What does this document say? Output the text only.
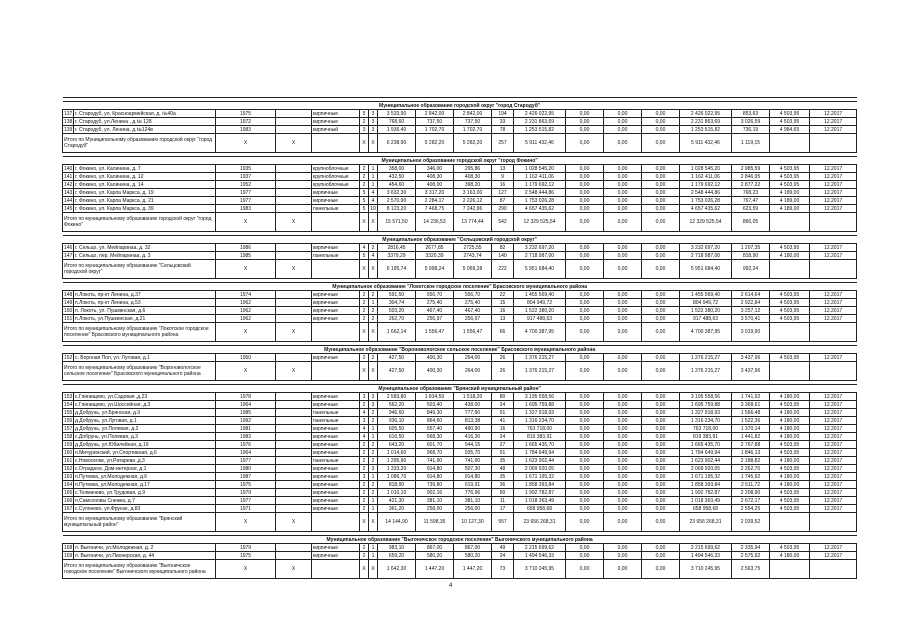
Муниципальное образование городской округ "город Стародуб"																		
137	г. Стародуб, ул. Красноармейская, д. №40а	1975		кирпичные	5	3	3 533,90	2 842,00	2 842,00	194	2 426 022,95	0,00	0,00	0,00	2 426 022,95	853,63	4 503,95	12.2017
138	г. Стародуб, ул.Ленина , д.№ 128	1972		кирпичные	2	3	768,60	737,50	737,50	33	2 231 863,69	0,00	0,00	0,00	2 231 863,69	3 026,59	4 503,95	12.2017
139	г. Стародуб, ул. Ленина, д.№124в	1983		кирпичный	3	3	1 936,40	1 702,70	1 702,70	78	1 253 515,82	0,00	0,00	0,00	1 253 515,82	736,19	4 984,65	12.2017
Итого по Муниципальному образованию городской округ "город Стародуб"		X	X		X	X	6 238,90	5 282,20	5 282,20	257	5 911 432,46	0,00	0,00	0,00	5 911 432,46	1 119,15		

Муниципальное образование городской округ "город Фокино"																		
140	г. Фокино, ул. Калинина, д. 7	1935		крупноблочные	2	1	358,00	346,00	295,86	13	1 028 545,20	0,00	0,00	0,00	1 028 545,20	2 985,59	4 503,95	12.2017
141	г. Фокино, ул. Калинина, д. 12	1937		крупноблочные	2	1	432,50	408,30	408,30	9	1 162 411,06	0,00	0,00	0,00	1 162 411,06	2 846,95	4 503,95	12.2017
142	г. Фокино, ул. Калинина, д. 14	1952		крупноблочные	2	1	454,60	408,00	398,20	16	1 179 692,12	0,00	0,00	0,00	1 179 692,12	2 877,22	4 503,95	12.2017
143	г. Фокино, ул. Карла Маркса, д. 19	1977		кирпичные	5	4	3 632,30	3 317,20	3 163,00	127	2 548 444,86	0,00	0,00	0,00	2 548 444,86	768,23	4 189,00	12.2017
144	г. Фокино, ул. Карла Маркса, д. 21	1977		кирпичные	5	4	2 570,90	2 284,17	2 226,12	87	1 753 026,28	0,00	0,00	0,00	1 753 026,28	767,47	4 189,00	12.2017
145	г. Фокино, ул. Карла Маркса, д. 39	1983		панельные	5	10	8 123,20	7 468,75	7 242,96	290	4 657 435,62	0,00	0,00	0,00	4 657 435,62	623,59	4 189,00	12.2017
Итого по муниципальному образованию городской округ "город Фокино"		X	X		X	X	15 571,50	14 236,53	13 774,44	542	12 329 525,54	0,00	0,00	0,00	12 329 525,54	866,05		

Муниципальное образование "Сельцовский городской округ"																		
146	г. Сельцо, ул. Мейпаринаа, д. 32	1986		кирпичные	4	2	2816,45	2677,85	2725,55	82	3 232 697,20	0,00	0,00	0,00	3 232 697,20	1 207,35	4 503,95	12.2017
147	г. Сельцо, пер. Мейпаринаа, д. 3	1985		панельные	5	4	3379,29	3320,39	2743,74	140	2 718 987,00	0,00	0,00	0,00	2 718 987,00	818,90	4 180,00	12.2017
Итого по муниципальному образованию "Сельцовский городской округ"		X	X		X	X	6 195,74	5 998,24	5 069,28	222	5 951 684,40	0,00	0,00	0,00	5 951 684,40	992,24		

Муниципальное образование "Локотское городское поселение" Брасовского муниципального района																		
148	п.Локоть, пр-кт Ленина, д.37	1974		кирпичные	2	2	591,50	556,70	556,70	22	1 455 569,40	0,00	0,00	0,00	1 455 569,40	2 614,64	4 503,95	12.2017
149	п.Локоть, пр-кт Ленина, д.53	1962		кирпичные	2	1	304,74	275,40	275,40	15	804 949,72	0,00	0,00	0,00	804 949,72	2 922,84	4 503,95	12.2017
150	п. Локоть, ул. Пушкинская, д.6	1962		кирпичные	2	2	503,20	467,40	467,40	16	1 522 380,20	0,00	0,00	0,00	1 522 380,20	3 257,12	4 503,95	12.2017
151	п.Локоть, ул.Пушкинская, д.21	1962		кирпичные	2	2	262,70	256,97	256,97	13	917 488,63	0,00	0,00	0,00	917 488,63	3 570,41	4 503,95	12.2017
Итого по муниципальному образованию "Локотское городское поселение" Брасовского муниципального района		X	X		X	X	1 662,14	1 556,47	1 556,47	66	4 700 387,95	0,00	0,00	0,00	4 700 387,95	3 019,90		

Муниципальное образование "Вороновологское сельское поселение" Брасовского муниципального района																		
152	с. Вороная Пол, ул. Луговая, д.1	1950		кирпичные	2	2	427,50	400,30	264,00	26	1 376 215,27	0,00	0,00	0,00	1 376 215,27	3 437,96	4 503,95	12.2017
Итого по муниципальному образованию "Вороновологское сельское поселение" Брасовского муниципального района		X	X		X	X	427,50	400,30	264,00	26	1 376 215,27	0,00	0,00	0,00	1 376 215,27	3 437,96		

Муниципальное образование "Брянский муниципальный район"																		
153	с.Глинищево, ул.Садовая ,д.23	1978		кирпичные	3	3	2 583,80	1 834,50	1 518,20	80	3 195 558,56	0,00	0,00	0,00	3 195 558,56	1 741,92	4 180,00	12.2017
154	с.Глинищево, ул.Шоссейная, д.3	1964		кирпичные	2	3	562,20	503,40	438,00	24	1 695 759,88	0,00	0,00	0,00	1 695 759,88	3 368,61	4 503,95	12.2017
155	д.Добрунь, ул.Брянская, д.9	1985		панельные	4	2	946,60	849,30	777,90	51	1 327 918,93	0,00	0,00	0,00	1 327 918,93	1 566,48	4 180,00	12.2017
156	д.Добрунь, ул.Луговая, д.1	1992		панельные	3	2	936,10	864,60	813,38	41	1 316 234,70	0,00	0,00	0,00	1 316 234,70	1 522,36	4 180,00	12.2017
157	д.Добрунь, ул.Полевая, д.2	1981		кирпичные	4	1	605,50	557,40	490,90	16	763 718,00	0,00	0,00	0,00	763 718,00	1 370,14	4 180,00	12.2017
158	с.Добрунь, ул.Полевая, д.3	1983		кирпичные	4	1	616,50	568,30	416,30	24	819 383,91	0,00	0,00	0,00	819 383,91	1 441,82	4 180,00	12.2017
159	д.Добрунь, ул.Юбилейная, д.19	1976		кирпичные	2	2	643,20	601,70	544,15	27	1 665 435,70	0,00	0,00	0,00	1 665 435,70	2 767,88	4 503,95	12.2017
160	п.Мичуринский, ул.Спортивная, д.6	1964		кирпичные	2	2	1 014,60	968,70	935,70	51	1 784 649,94	0,00	0,00	0,00	1 784 649,94	1 846,13	4 503,95	12.2017
161	с.Новоселки, ул.Ратарева ,д.3	1977		панельные	2	2	1 295,90	741,90	741,90	35	1 623 902,44	0,00	0,00	0,00	1 623 902,44	2 188,82	4 180,00	12.2017
162	с.Отрадное, Дом-интернат, д.1	1980		кирпичные	2	3	1 333,20	914,80	507,30	48	2 069 920,05	0,00	0,00	0,00	2 069 920,05	2 262,70	4 503,95	12.2017
163	п.Путевка, ул.Молодежная, д.6	1987		кирпичные	3	1	1 086,70	914,80	914,80	35	1 671 195,32	0,00	0,00	0,00	1 671 195,32	1 745,92	4 180,00	12.2017
164	п.Путевка, ул.Молодежная, д.17	1975		кирпичные	2	2	818,90	739,80	619,91	36	1 858 393,84	0,00	0,00	0,00	1 858 393,84	2 511,72	4 180,00	12.2017
165	с.Толмачево, ул.Трудовая, д.9	1979		кирпичные	2	2	1 010,10	902,16	776,96	50	1 992 782,87	0,00	0,00	0,00	1 992 782,87	2 208,90	4 503,95	12.2017
166	п.Самсоновы Снежка, д.7	1977		кирпичные	2	1	421,30	381,10	381,10	11	1 018 363,49	0,00	0,00	0,00	1 018 363,49	2 672,17	4 503,95	12.2017
167	с.Супонево, ул.Фрунзе, д.83	1971		кирпичные	2	1	361,20	258,00	256,00	17	658 958,68	0,00	0,00	0,00	658 958,68	2 554,25	4 503,95	12.2017
Итого по муниципальному образованию "Брянский муниципальный район"		X	X		X	X	14 144,90	11 598,35	10 127,30	557	23 656 268,31	0,00	0,00	0,00	23 656 268,31	2 039,52		

Муниципальное образование "Выгоничское городское поселение" Выгоничского муниципального района																		
168	п. Выгоничи, ул.Молодежная, д. 2	1979		кирпичные	2	1	983,10	867,00	867,00	49	2 215 699,62	0,00	0,00	0,00	2 215 699,62	2 335,94	4 503,95	12.2017
169	п. Выгоничи, ул.Пионерская, д. 44	1975		кирпичные	2	1	659,20	580,20	580,20	24	1 494 546,33	0,00	0,00	0,00	1 494 546,33	2 575,92	4 180,00	12.2017
Итого по муниципальному образованию "Выгоничское городское поселение" Выгоничского муниципального района		X	X		X	X	1 642,30	1 447,20	1 447,20	73	3 710 245,95	0,00	0,00	0,00	3 710 245,95	2 563,75		
4
